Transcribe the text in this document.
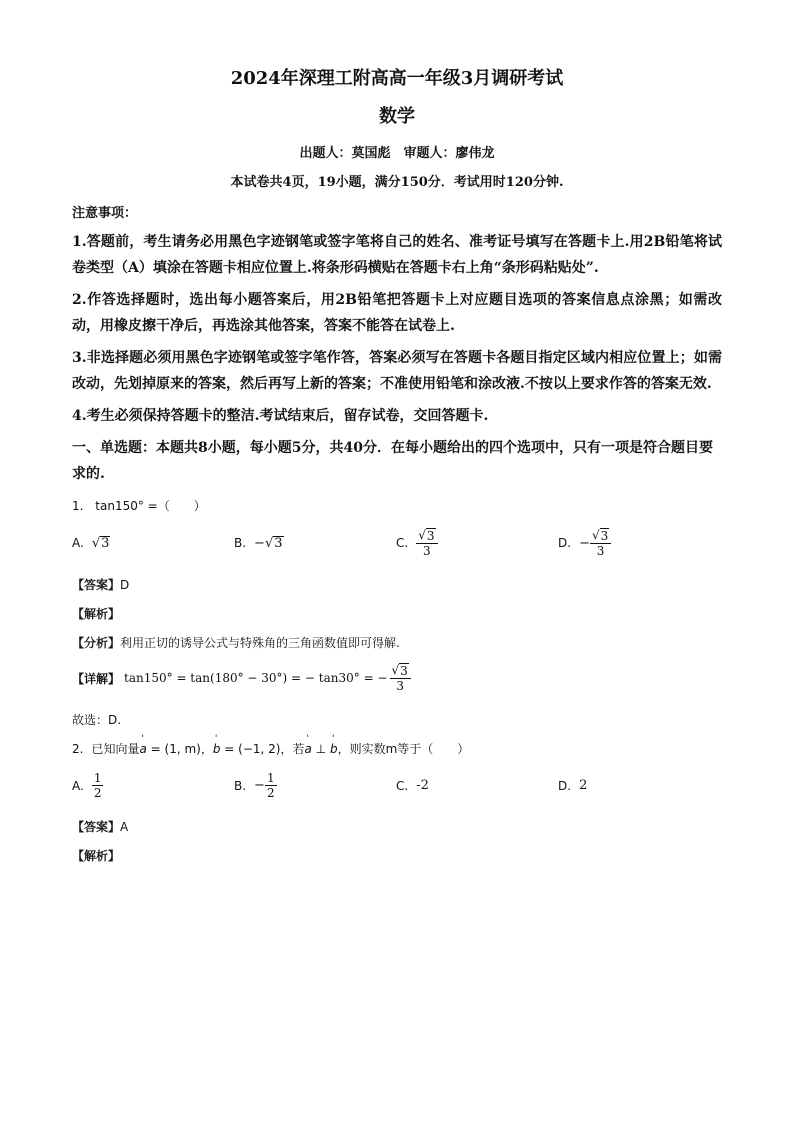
2024年深理工附高高一年级3月调研考试
数学
出题人：莫国彪　审题人：廖伟龙
本试卷共4页，19小题，满分150分．考试用时120分钟.
注意事项：
1.答题前，考生请务必用黑色字迹钢笔或签字笔将自己的姓名、准考证号填写在答题卡上.用2B铅笔将试卷类型（A）填涂在答题卡相应位置上.将条形码横贴在答题卡右上角“条形码粘贴处”.
2.作答选择题时，选出每小题答案后，用2B铅笔把答题卡上对应题目选项的答案信息点涂黑；如需改动，用橡皮擦干净后，再选涂其他答案，答案不能答在试卷上.
3.非选择题必须用黑色字迹钢笔或签字笔作答，答案必须写在答题卡各题目指定区域内相应位置上；如需改动，先划掉原来的答案，然后再写上新的答案；不准使用铅笔和涂改液.不按以上要求作答的答案无效.
4.考生必须保持答题卡的整洁.考试结束后，留存试卷，交回答题卡.
一、单选题：本题共8小题，每小题5分，共40分．在每小题给出的四个选项中，只有一项是符合题目要求的.
1. tan150° =（　　）
A. √ 3	B. − √ 3	C. $\frac{√ 3}{3}$	D. − $\frac{√ 3}{3}$
【答案】D
【解析】
【分析】利用正切的诱导公式与特殊角的三角函数值即可得解.
【详解】 tan150° = tan(180° − 30°) = − tan30° = − $\frac{√ 3}{3}$
故选：D.
2. 已知向量' a = (1, m)，' b = (−1, 2)，若' a ⊥ ' b，则实数m等于（　　）
A. $\frac{1}{2}$	B. − $\frac{1}{2}$	C. -2	D. 2
【答案】A
【解析】
